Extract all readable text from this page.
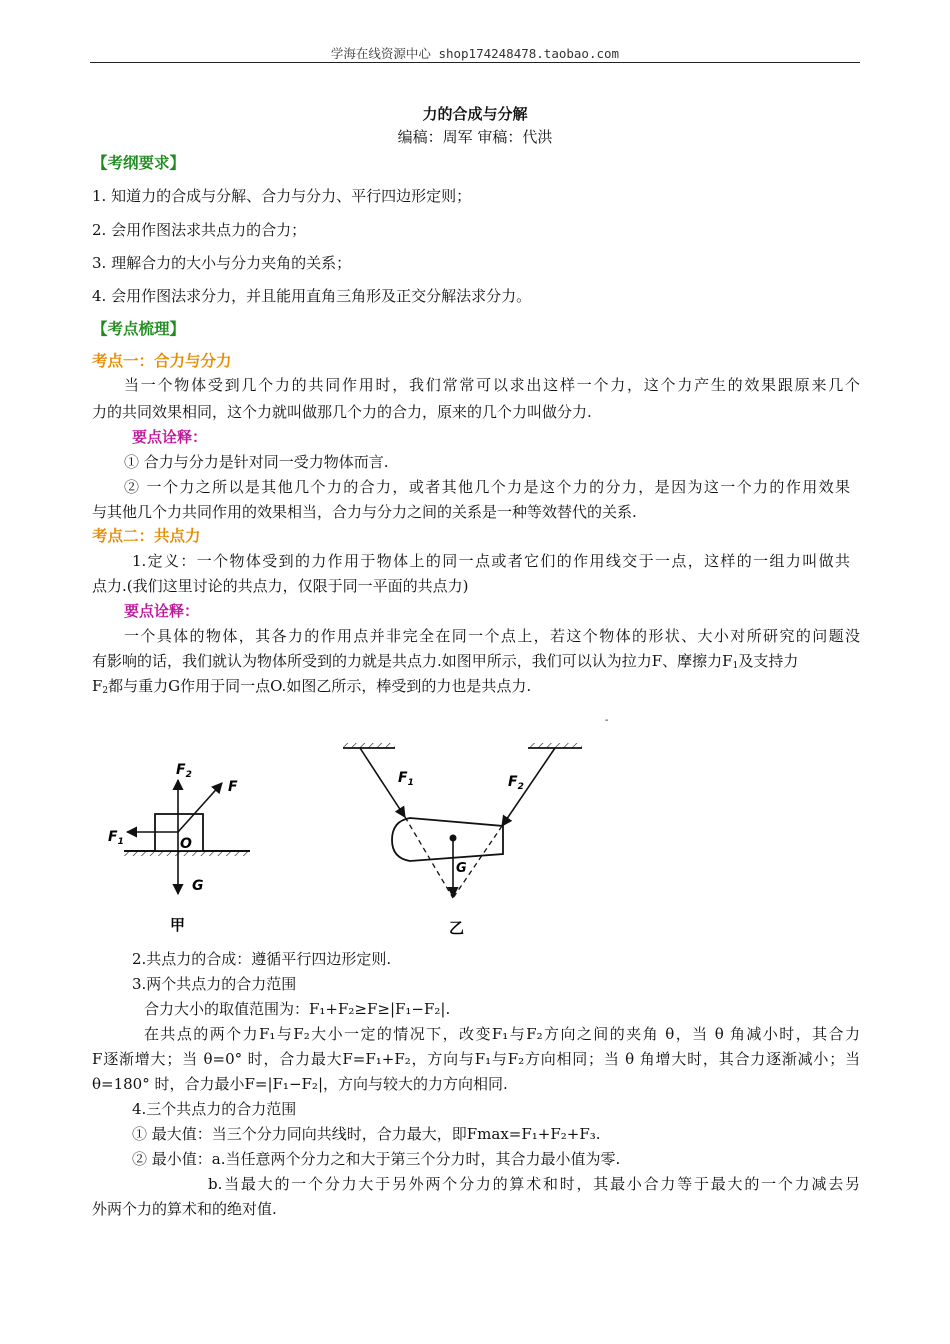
学海在线资源中心 shop174248478.taobao.com
力的合成与分解
编稿：周军 审稿：代洪
【考纲要求】
1. 知道力的合成与分解、合力与分力、平行四边形定则；
2. 会用作图法求共点力的合力；
3. 理解合力的大小与分力夹角的关系；
4. 会用作图法求分力，并且能用直角三角形及正交分解法求分力。
【考点梳理】
考点一：合力与分力
当一个物体受到几个力的共同作用时，我们常常可以求出这样一个力，这个力产生的效果跟原来几个
力的共同效果相同，这个力就叫做那几个力的合力，原来的几个力叫做分力.
要点诠释：
① 合力与分力是针对同一受力物体而言.
② 一个力之所以是其他几个力的合力，或者其他几个力是这个力的分力，是因为这一个力的作用效果
与其他几个力共同作用的效果相当，合力与分力之间的关系是一种等效替代的关系.
考点二：共点力
1.定义：一个物体受到的力作用于物体上的同一点或者它们的作用线交于一点，这样的一组力叫做共
点力.(我们这里讨论的共点力，仅限于同一平面的共点力)
要点诠释：
一个具体的物体，其各力的作用点并非完全在同一个点上，若这个物体的形状、大小对所研究的问题没
有影响的话，我们就认为物体所受到的力就是共点力.如图甲所示，我们可以认为拉力F、摩擦力$F_1$及支持力
$F_2$都与重力G作用于同一点O.如图乙所示，棒受到的力也是共点力.
-
$F_2$
F
$F_1$	O
G
甲
$F_1$	$F_2$
G
乙
2.共点力的合成：遵循平行四边形定则.
3.两个共点力的合力范围
合力大小的取值范围为：F₁+F₂≥F≥|F₁−F₂|.
在共点的两个力F₁与F₂大小一定的情况下，改变F₁与F₂方向之间的夹角 θ，当 θ 角减小时，其合力
F逐渐增大；当 θ=0° 时，合力最大F=F₁+F₂，方向与F₁与F₂方向相同；当 θ 角增大时，其合力逐渐减小；当
θ=180° 时，合力最小F=|F₁−F₂|，方向与较大的力方向相同.
4.三个共点力的合力范围
① 最大值：当三个分力同向共线时，合力最大，即Fmax=F₁+F₂+F₃.
② 最小值：a.当任意两个分力之和大于第三个分力时，其合力最小值为零.
b.当最大的一个分力大于另外两个分力的算术和时，其最小合力等于最大的一个力减去另
外两个力的算术和的绝对值.
